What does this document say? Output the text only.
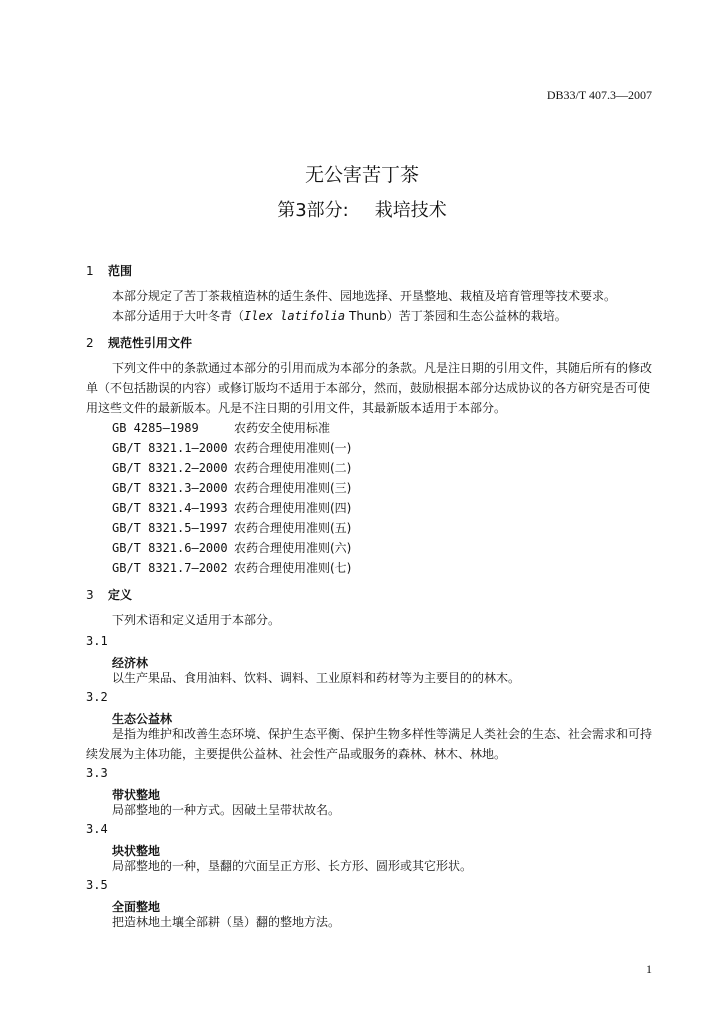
DB33/T 407.3—2007
无公害苦丁茶
第3部分: 栽培技术
1 范围
本部分规定了苦丁茶栽植造林的适生条件、园地选择、开垦整地、栽植及培育管理等技术要求。
本部分适用于大叶冬青（Ilex latifolia Thunb）苦丁茶园和生态公益林的栽培。
2 规范性引用文件
下列文件中的条款通过本部分的引用而成为本部分的条款。凡是注日期的引用文件，其随后所有的修改单（不包括勘误的内容）或修订版均不适用于本部分，然而，鼓励根据本部分达成协议的各方研究是否可使用这些文件的最新版本。凡是不注日期的引用文件，其最新版本适用于本部分。
GB 4285—1989	农药安全使用标准
GB/T 8321.1—2000 农药合理使用准则(一)
GB/T 8321.2—2000 农药合理使用准则(二)
GB/T 8321.3—2000 农药合理使用准则(三)
GB/T 8321.4—1993 农药合理使用准则(四)
GB/T 8321.5—1997 农药合理使用准则(五)
GB/T 8321.6—2000 农药合理使用准则(六)
GB/T 8321.7—2002 农药合理使用准则(七)
3 定义
下列术语和定义适用于本部分。
3.1
经济林
以生产果品、食用油料、饮料、调料、工业原料和药材等为主要目的的林木。
3.2
生态公益林
是指为维护和改善生态环境、保护生态平衡、保护生物多样性等满足人类社会的生态、社会需求和可持续发展为主体功能，主要提供公益林、社会性产品或服务的森林、林木、林地。
3.3
带状整地
局部整地的一种方式。因破土呈带状故名。
3.4
块状整地
局部整地的一种，垦翻的穴面呈正方形、长方形、圆形或其它形状。
3.5
全面整地
把造林地土壤全部耕（垦）翻的整地方法。
1
